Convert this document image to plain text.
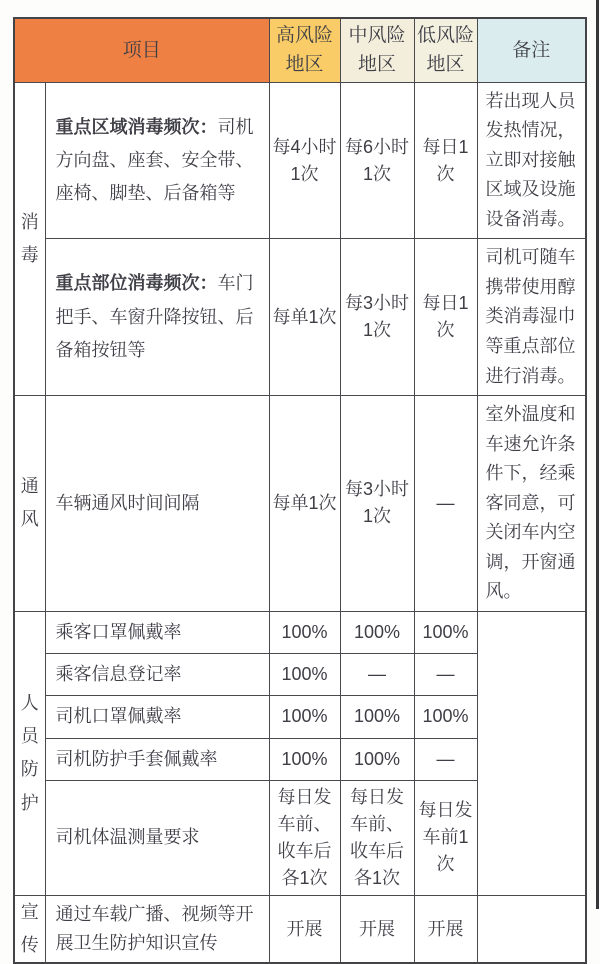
项目		高风险地区	中风险地区	低风险地区	备注

消毒	重点区域消毒频次：司机方向盘、座套、安全带、座椅、脚垫、后备箱等	每4小时1次	每6小时1次	每日1次	若出现人员发热情况，立即对接触区域及设施设备消毒。
	重点部位消毒频次：车门把手、车窗升降按钮、后备箱按钮等	每单1次	每3小时1次	每日1次	司机可随车携带使用醇类消毒湿巾等重点部位进行消毒。

通风	车辆通风时间间隔	每单1次	每3小时1次	—	室外温度和车速允许条件下，经乘客同意，可关闭车内空调，开窗通风。

人员防护	乘客口罩佩戴率	100%	100%	100%	
	乘客信息登记率	100%	—	—	
	司机口罩佩戴率	100%	100%	100%	
	司机防护手套佩戴率	100%	100%	—	
	司机体温测量要求	每日发车前、收车后各1次	每日发车前、收车后各1次	每日发车前1次	

宣传	通过车载广播、视频等开展卫生防护知识宣传	开展	开展	开展	
